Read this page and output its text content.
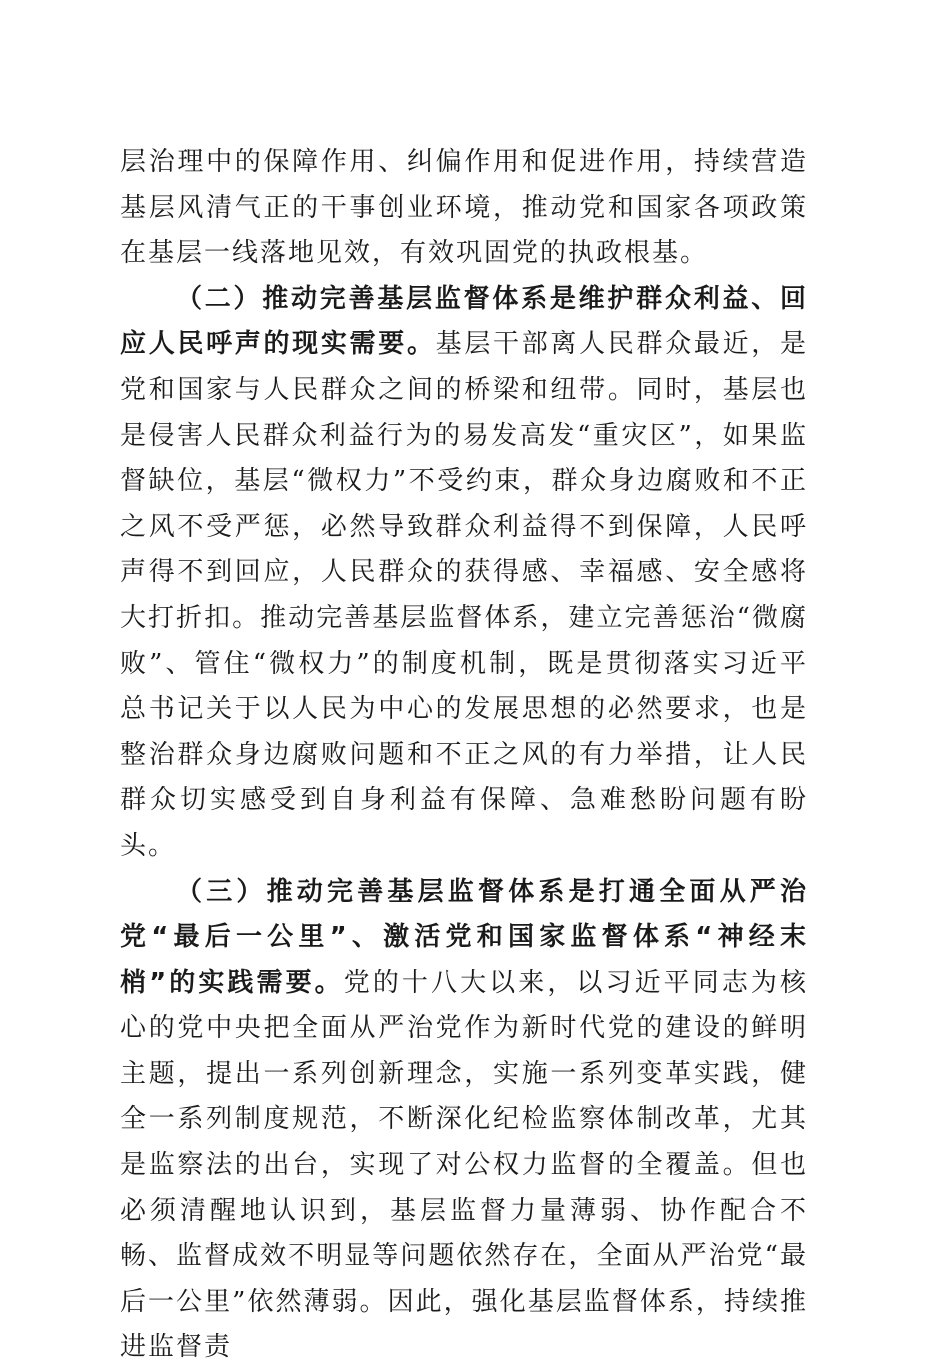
层治理中的保障作用、纠偏作用和促进作用，持续营造基层风清气正的干事创业环境，推动党和国家各项政策在基层一线落地见效，有效巩固党的执政根基。

（二）推动完善基层监督体系是维护群众利益、回应人民呼声的现实需要。基层干部离人民群众最近，是党和国家与人民群众之间的桥梁和纽带。同时，基层也是侵害人民群众利益行为的易发高发“重灾区”，如果监督缺位，基层“微权力”不受约束，群众身边腐败和不正之风不受严惩，必然导致群众利益得不到保障，人民呼声得不到回应，人民群众的获得感、幸福感、安全感将大打折扣。推动完善基层监督体系，建立完善惩治“微腐败”、管住“微权力”的制度机制，既是贯彻落实习近平总书记关于以人民为中心的发展思想的必然要求，也是整治群众身边腐败问题和不正之风的有力举措，让人民群众切实感受到自身利益有保障、急难愁盼问题有盼头。

（三）推动完善基层监督体系是打通全面从严治党“最后一公里”、激活党和国家监督体系“神经末梢”的实践需要。党的十八大以来，以习近平同志为核心的党中央把全面从严治党作为新时代党的建设的鲜明主题，提出一系列创新理念，实施一系列变革实践，健全一系列制度规范，不断深化纪检监察体制改革，尤其是监察法的出台，实现了对公权力监督的全覆盖。但也必须清醒地认识到，基层监督力量薄弱、协作配合不畅、监督成效不明显等问题依然存在，全面从严治党“最后一公里”依然薄弱。因此，强化基层监督体系，持续推进监督责
